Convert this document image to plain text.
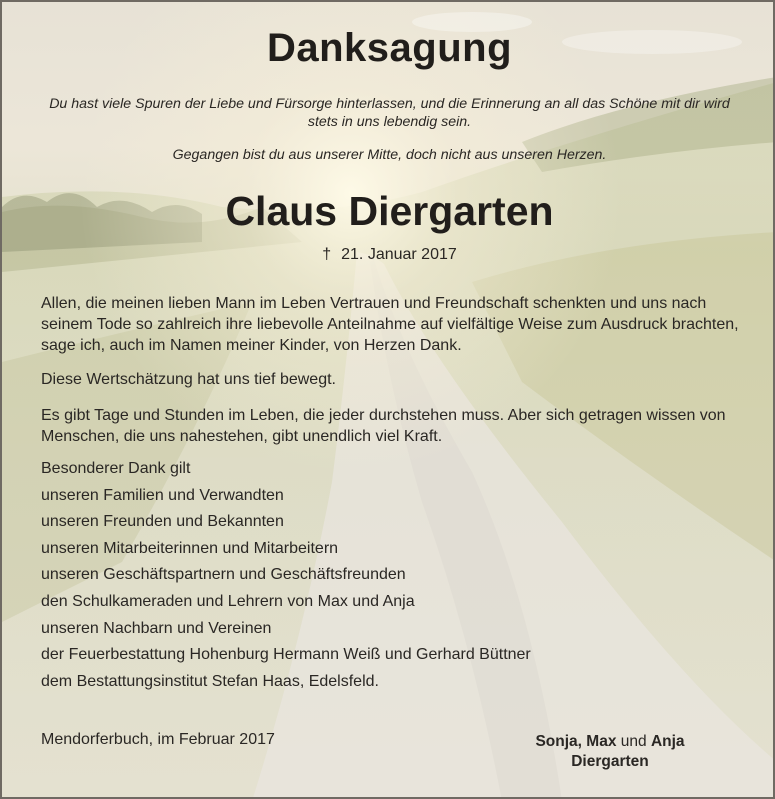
Danksagung
Du hast viele Spuren der Liebe und Fürsorge hinterlassen, und die Erinnerung an all das Schöne mit dir wird stets in uns lebendig sein.
Gegangen bist du aus unserer Mitte, doch nicht aus unseren Herzen.
Claus Diergarten
† 21. Januar 2017

Allen, die meinen lieben Mann im Leben Vertrauen und Freundschaft schenkten und uns nach seinem Tode so zahlreich ihre liebevolle Anteilnahme auf vielfältige Weise zum Ausdruck brachten, sage ich, auch im Namen meiner Kinder, von Herzen Dank.

Diese Wertschätzung hat uns tief bewegt.

Es gibt Tage und Stunden im Leben, die jeder durchstehen muss. Aber sich getragen wissen von Menschen, die uns nahestehen, gibt unendlich viel Kraft.

Besonderer Dank gilt
unseren Familien und Verwandten
unseren Freunden und Bekannten
unseren Mitarbeiterinnen und Mitarbeitern
unseren Geschäftspartnern und Geschäftsfreunden
den Schulkameraden und Lehrern von Max und Anja
unseren Nachbarn und Vereinen
der Feuerbestattung Hohenburg Hermann Weiß und Gerhard Büttner
dem Bestattungsinstitut Stefan Haas, Edelsfeld.
Mendorferbuch, im Februar 2017	Sonja, Max und Anja
Diergarten
